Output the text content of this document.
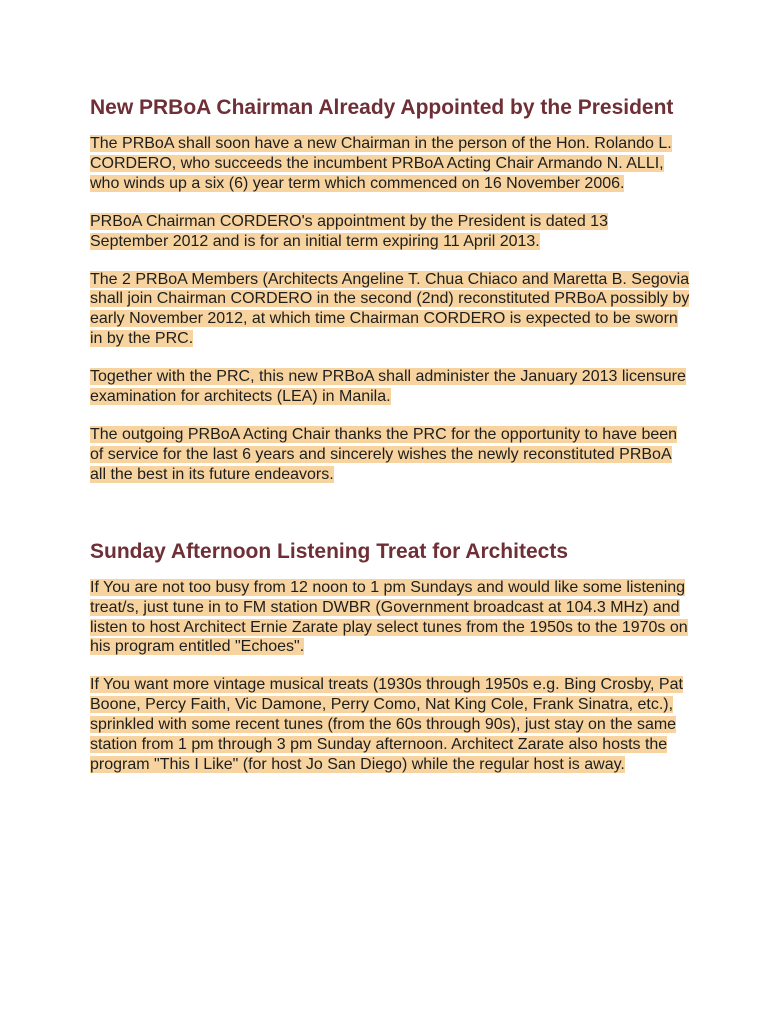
New PRBoA Chairman Already Appointed by the President

The PRBoA shall soon have a new Chairman in the person of the Hon. Rolando L. CORDERO, who succeeds the incumbent PRBoA Acting Chair Armando N. ALLI, who winds up a six (6) year term which commenced on 16 November 2006.

PRBoA Chairman CORDERO's appointment by the President is dated 13 September 2012 and is for an initial term expiring 11 April 2013.

The 2 PRBoA Members (Architects Angeline T. Chua Chiaco and Maretta B. Segovia shall join Chairman CORDERO in the second (2nd) reconstituted PRBoA possibly by early November 2012, at which time Chairman CORDERO is expected to be sworn in by the PRC.

Together with the PRC, this new PRBoA shall administer the January 2013 licensure examination for architects (LEA) in Manila.

The outgoing PRBoA Acting Chair thanks the PRC for the opportunity to have been of service for the last 6 years and sincerely wishes the newly reconstituted PRBoA all the best in its future endeavors.

Sunday Afternoon Listening Treat for Architects

If You are not too busy from 12 noon to 1 pm Sundays and would like some listening treat/s, just tune in to FM station DWBR (Government broadcast at 104.3 MHz) and listen to host Architect Ernie Zarate play select tunes from the 1950s to the 1970s on his program entitled "Echoes".

If You want more vintage musical treats (1930s through 1950s e.g. Bing Crosby, Pat Boone, Percy Faith, Vic Damone, Perry Como, Nat King Cole, Frank Sinatra, etc.), sprinkled with some recent tunes (from the 60s through 90s), just stay on the same station from 1 pm through 3 pm Sunday afternoon. Architect Zarate also hosts the program "This I Like" (for host Jo San Diego) while the regular host is away.
